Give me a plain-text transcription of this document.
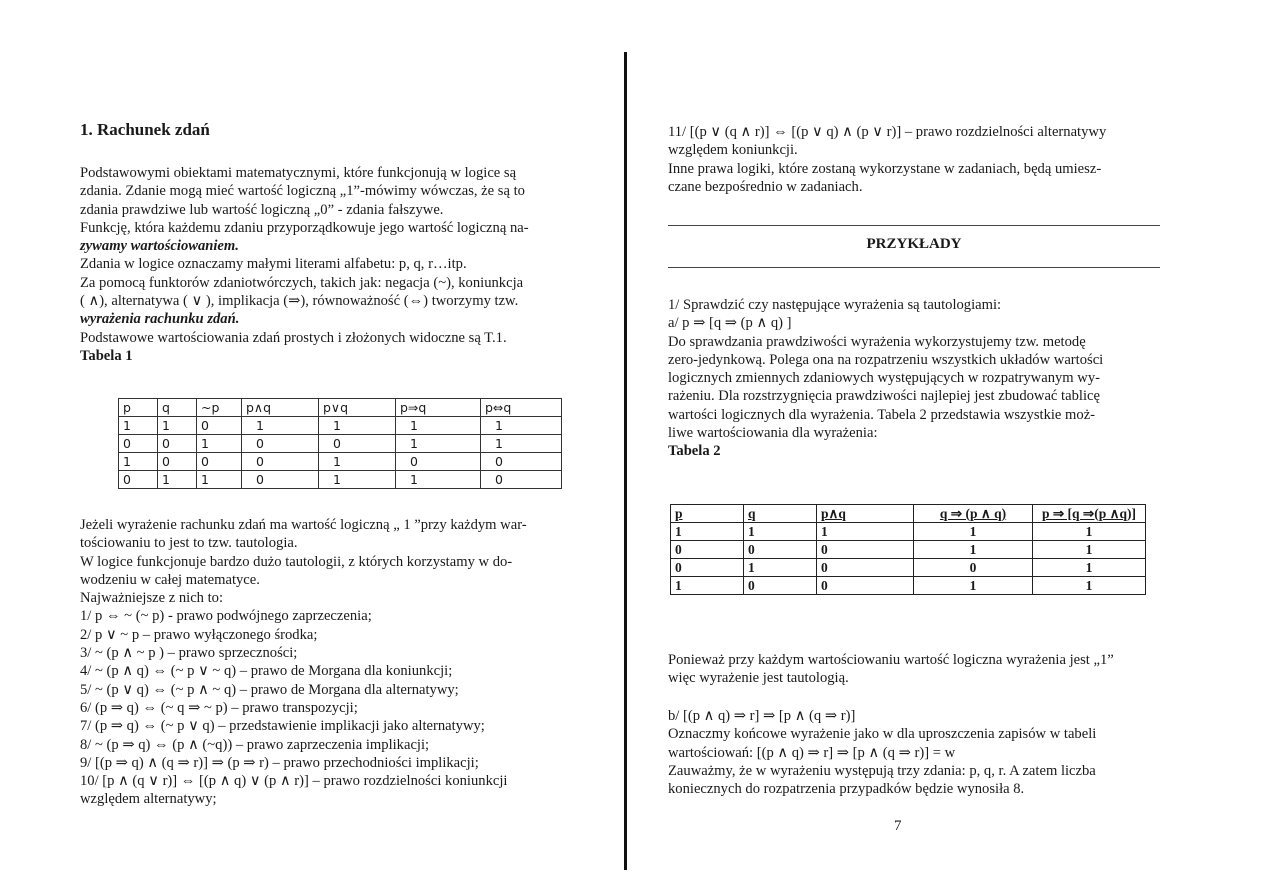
1. Rachunek zdań

Podstawowymi obiektami matematycznymi, które funkcjonują w logice są

zdania. Zdanie mogą mieć wartość logiczną „1”-mówimy wówczas, że są to

zdania prawdziwe lub wartość logiczną „0” - zdania fałszywe.

Funkcję, która każdemu zdaniu przyporządkowuje jego wartość logiczną na-

zywamy wartościowaniem.

Zdania w logice oznaczamy małymi literami alfabetu: p, q, r…itp.

Za pomocą funktorów zdaniotwórczych, takich jak: negacja (~), koniunkcja

( ∧), alternatywa ( ∨ ), implikacja (⇒), równoważność (⇔) tworzymy tzw.

wyrażenia rachunku zdań.

Podstawowe wartościowania zdań prostych i złożonych widoczne są T.1.

Tabela 1

p	q	~p	p∧q	p∨q	p⇒q	p⇔q
1	1	0	1	1	1	1
0	0	1	0	0	1	1
1	0	0	0	1	0	0
0	1	1	0	1	1	0

Jeżeli wyrażenie rachunku zdań ma wartość logiczną „ 1 ”przy każdym war-

tościowaniu to jest to tzw. tautologia.

W logice funkcjonuje bardzo dużo tautologii, z których korzystamy w do-

wodzeniu w całej matematyce.

Najważniejsze z nich to:

1/ p ⇔ ~ (~ p) - prawo podwójnego zaprzeczenia;

2/ p ∨ ~ p – prawo wyłączonego środka;

3/ ~ (p ∧ ~ p ) – prawo sprzeczności;

4/ ~ (p ∧ q) ⇔ (~ p ∨ ~ q) – prawo de Morgana dla koniunkcji;

5/ ~ (p ∨ q) ⇔ (~ p ∧ ~ q) – prawo de Morgana dla alternatywy;

6/ (p ⇒ q) ⇔ (~ q ⇒ ~ p) – prawo transpozycji;

7/ (p ⇒ q) ⇔ (~ p ∨ q) – przedstawienie implikacji jako alternatywy;

8/ ~ (p ⇒ q) ⇔ (p ∧ (~q)) – prawo zaprzeczenia implikacji;

9/ [(p ⇒ q) ∧ (q ⇒ r)] ⇒ (p ⇒ r) – prawo przechodniości implikacji;

10/ [p ∧ (q ∨ r)] ⇔ [(p ∧ q) ∨ (p ∧ r)] – prawo rozdzielności koniunkcji

względem alternatywy;

11/ [(p ∨ (q ∧ r)] ⇔ [(p ∨ q) ∧ (p ∨ r)] – prawo rozdzielności alternatywy

względem koniunkcji.

Inne prawa logiki, które zostaną wykorzystane w zadaniach, będą umiesz-

czane bezpośrednio w zadaniach.

PRZYKŁADY

1/ Sprawdzić czy następujące wyrażenia są tautologiami:

a/ p ⇒ [q ⇒ (p ∧ q) ]

Do sprawdzania prawdziwości wyrażenia wykorzystujemy tzw. metodę

zero-jedynkową. Polega ona na rozpatrzeniu wszystkich układów wartości

logicznych zmiennych zdaniowych występujących w rozpatrywanym wy-

rażeniu. Dla rozstrzygnięcia prawdziwości najlepiej jest zbudować tablicę

wartości logicznych dla wyrażenia. Tabela 2 przedstawia wszystkie moż-

liwe wartościowania dla wyrażenia:

Tabela 2

p	q	p∧q	q ⇒ (p ∧ q)	p ⇒ [q ⇒(p ∧q)]
1	1	1	1	1
0	0	0	1	1
0	1	0	0	1
1	0	0	1	1

Ponieważ przy każdym wartościowaniu wartość logiczna wyrażenia jest „1”

więc wyrażenie jest tautologią.

b/ [(p ∧ q) ⇒ r] ⇒ [p ∧ (q ⇒ r)]

Oznaczmy końcowe wyrażenie jako w dla uproszczenia zapisów w tabeli

wartościowań: [(p ∧ q) ⇒ r] ⇒ [p ∧ (q ⇒ r)] = w

Zauważmy, że w wyrażeniu występują trzy zdania: p, q, r. A zatem liczba

koniecznych do rozpatrzenia przypadków będzie wynosiła 8.

7
